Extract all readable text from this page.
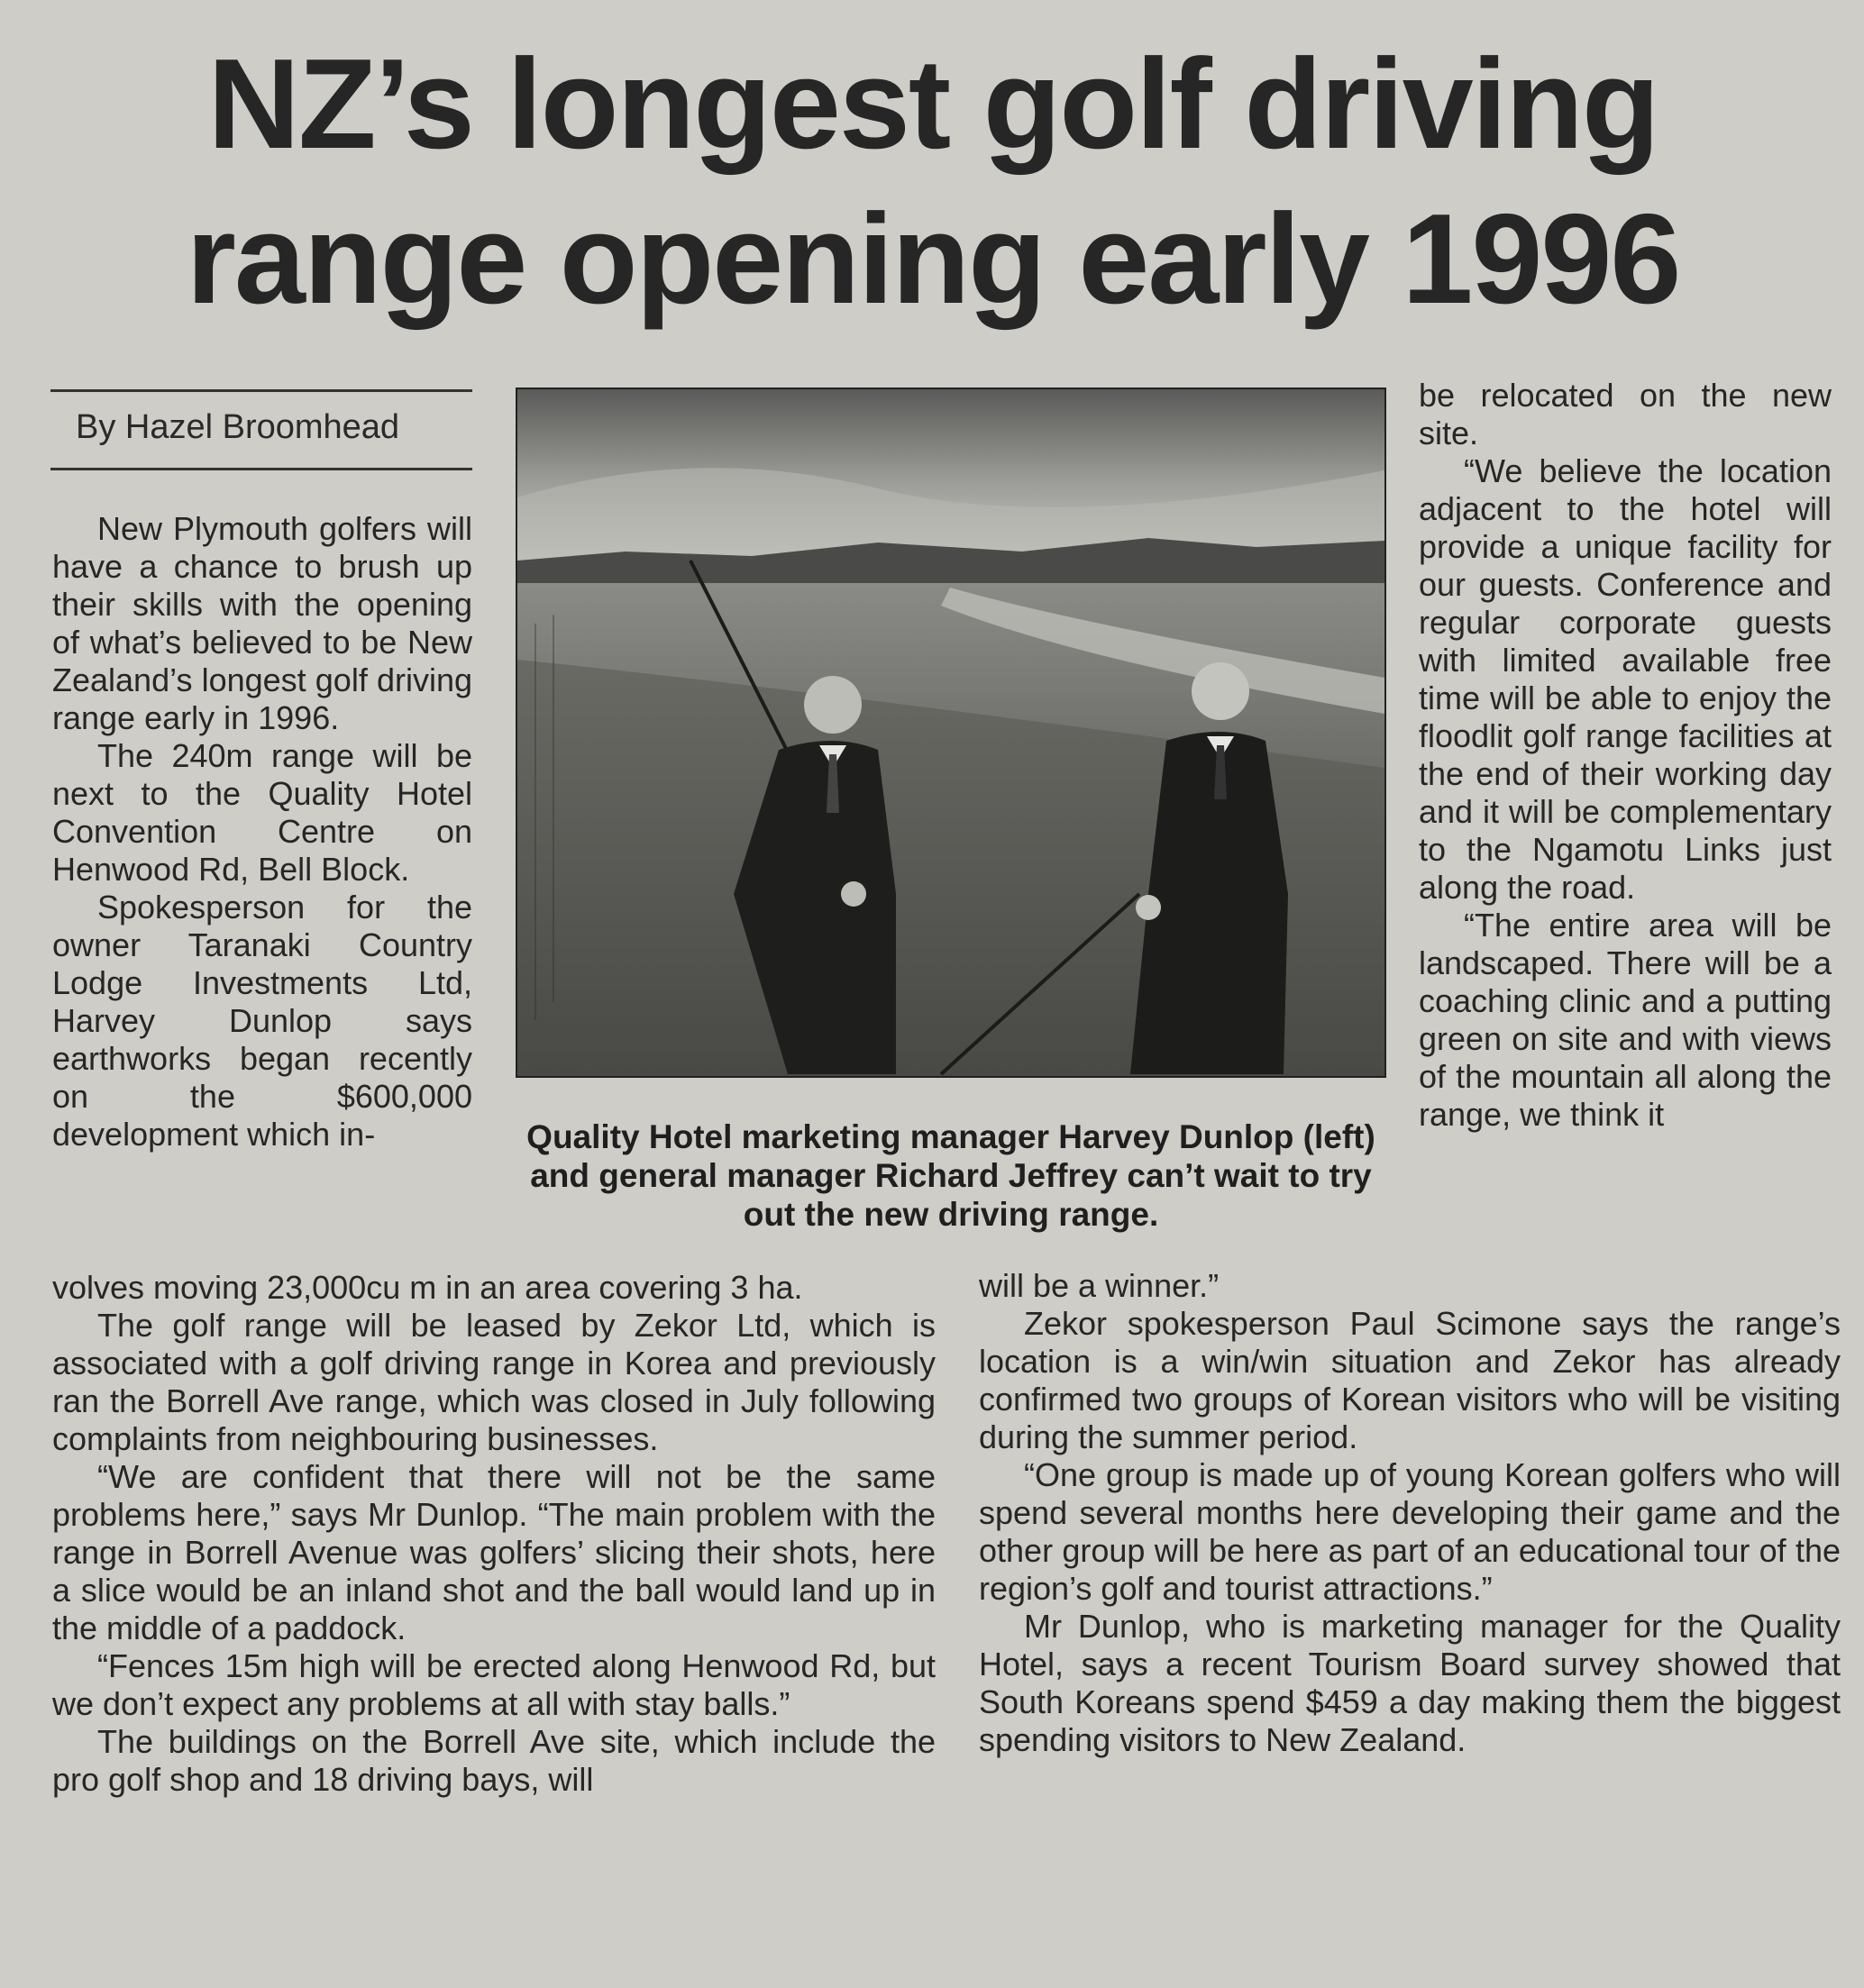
NZ’s longest golf driving
range opening early 1996
By Hazel Broomhead

New Plymouth golfers will have a chance to brush up their skills with the opening of what’s believed to be New Zealand’s longest golf driving range early in 1996.

The 240m range will be next to the Quality Hotel Convention Centre on Henwood Rd, Bell Block.

Spokesperson for the owner Taranaki Country Lodge Investments Ltd, Harvey Dunlop says earthworks began recently on the $600,000 development which in-	Quality Hotel marketing manager Harvey Dunlop (left) and general manager Richard Jeffrey can’t wait to try out the new driving range.

be relocated on the new site.

“We believe the location adjacent to the hotel will provide a unique facility for our guests. Conference and regular corporate guests with limited available free time will be able to enjoy the floodlit golf range facilities at the end of their working day and it will be complementary to the Ngamotu Links just along the road.

“The entire area will be landscaped. There will be a coaching clinic and a putting green on site and with views of the mountain all along the range, we think it

volves moving 23,000cu m in an area covering 3 ha.

The golf range will be leased by Zekor Ltd, which is associated with a golf driving range in Korea and previously ran the Borrell Ave range, which was closed in July following complaints from neighbouring businesses.

“We are confident that there will not be the same problems here,” says Mr Dunlop. “The main problem with the range in Borrell Avenue was golfers’ slicing their shots, here a slice would be an inland shot and the ball would land up in the middle of a paddock.

“Fences 15m high will be erected along Henwood Rd, but we don’t expect any problems at all with stay balls.”

The buildings on the Borrell Ave site, which include the pro golf shop and 18 driving bays, will

will be a winner.”

Zekor spokesperson Paul Scimone says the range’s location is a win/win situation and Zekor has already confirmed two groups of Korean visitors who will be visiting during the summer period.

“One group is made up of young Korean golfers who will spend several months here developing their game and the other group will be here as part of an educational tour of the region’s golf and tourist attractions.”

Mr Dunlop, who is marketing manager for the Quality Hotel, says a recent Tourism Board survey showed that South Koreans spend $459 a day making them the biggest spending visitors to New Zealand.
